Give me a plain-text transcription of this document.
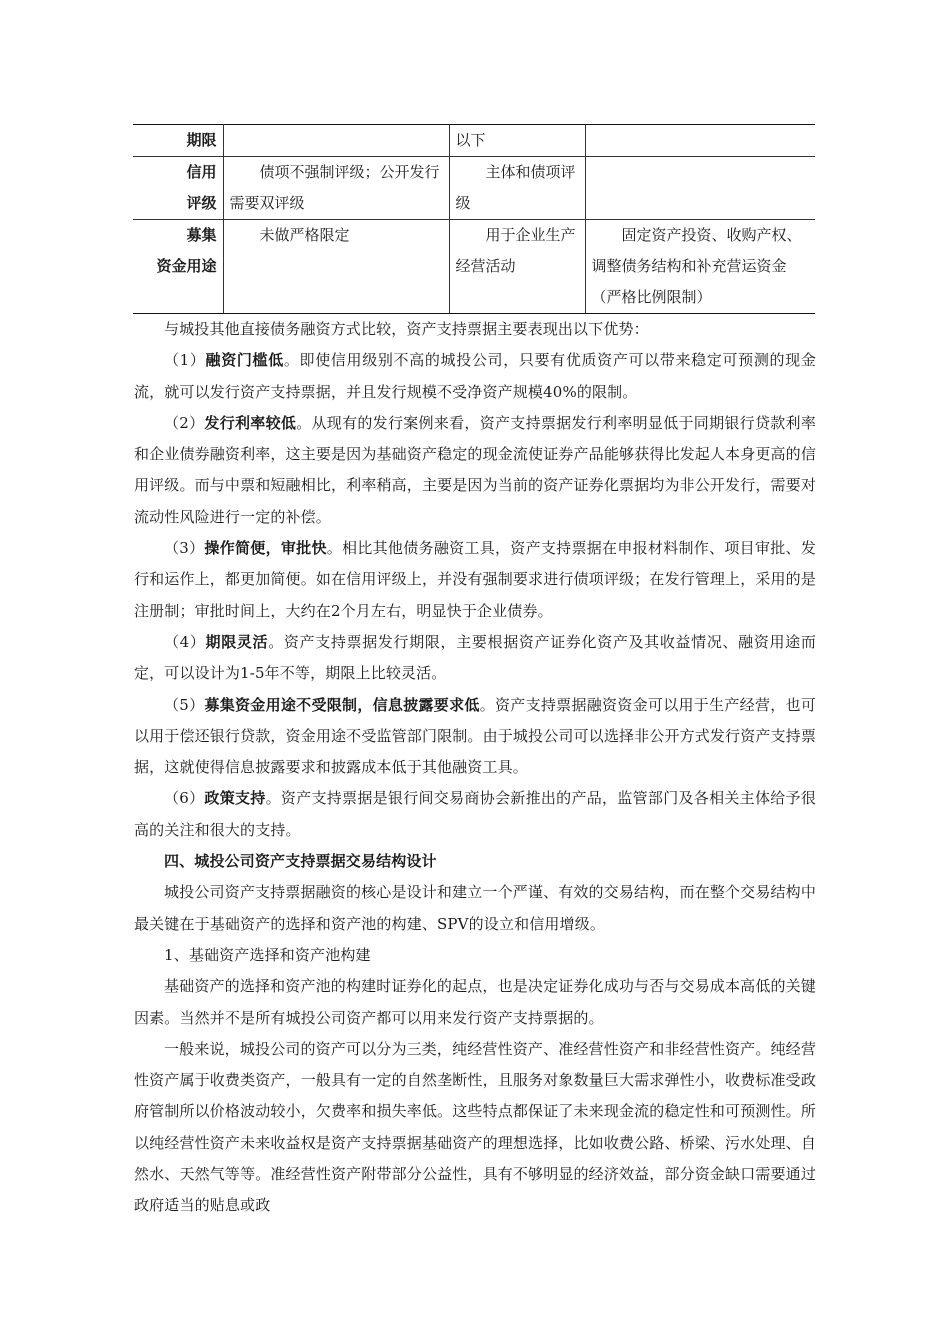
期限		以下	
信用
评级	债项不强制评级；公开发行需要双评级	主体和债项评级	
募集
资金用途	未做严格限定	用于企业生产经营活动	固定资产投资、收购产权、调整债务结构和补充营运资金（严格比例限制）

与城投其他直接债务融资方式比较，资产支持票据主要表现出以下优势：

（1）融资门槛低。即使信用级别不高的城投公司，只要有优质资产可以带来稳定可预测的现金流，就可以发行资产支持票据，并且发行规模不受净资产规模40%的限制。

（2）发行利率较低。从现有的发行案例来看，资产支持票据发行利率明显低于同期银行贷款利率和企业债券融资利率，这主要是因为基础资产稳定的现金流使证券产品能够获得比发起人本身更高的信用评级。而与中票和短融相比，利率稍高，主要是因为当前的资产证券化票据均为非公开发行，需要对流动性风险进行一定的补偿。

（3）操作简便，审批快。相比其他债务融资工具，资产支持票据在申报材料制作、项目审批、发行和运作上，都更加简便。如在信用评级上，并没有强制要求进行债项评级；在发行管理上，采用的是注册制；审批时间上，大约在2个月左右，明显快于企业债券。

（4）期限灵活。资产支持票据发行期限，主要根据资产证券化资产及其收益情况、融资用途而定，可以设计为1-5年不等，期限上比较灵活。

（5）募集资金用途不受限制，信息披露要求低。资产支持票据融资资金可以用于生产经营，也可以用于偿还银行贷款，资金用途不受监管部门限制。由于城投公司可以选择非公开方式发行资产支持票据，这就使得信息披露要求和披露成本低于其他融资工具。

（6）政策支持。资产支持票据是银行间交易商协会新推出的产品，监管部门及各相关主体给予很高的关注和很大的支持。

四、城投公司资产支持票据交易结构设计

城投公司资产支持票据融资的核心是设计和建立一个严谨、有效的交易结构，而在整个交易结构中最关键在于基础资产的选择和资产池的构建、SPV的设立和信用增级。

1、基础资产选择和资产池构建

基础资产的选择和资产池的构建时证券化的起点，也是决定证券化成功与否与交易成本高低的关键因素。当然并不是所有城投公司资产都可以用来发行资产支持票据的。

一般来说，城投公司的资产可以分为三类，纯经营性资产、准经营性资产和非经营性资产。纯经营性资产属于收费类资产，一般具有一定的自然垄断性，且服务对象数量巨大需求弹性小，收费标准受政府管制所以价格波动较小，欠费率和损失率低。这些特点都保证了未来现金流的稳定性和可预测性。所以纯经营性资产未来收益权是资产支持票据基础资产的理想选择，比如收费公路、桥梁、污水处理、自然水、天然气等等。准经营性资产附带部分公益性，具有不够明显的经济效益，部分资金缺口需要通过政府适当的贴息或政
